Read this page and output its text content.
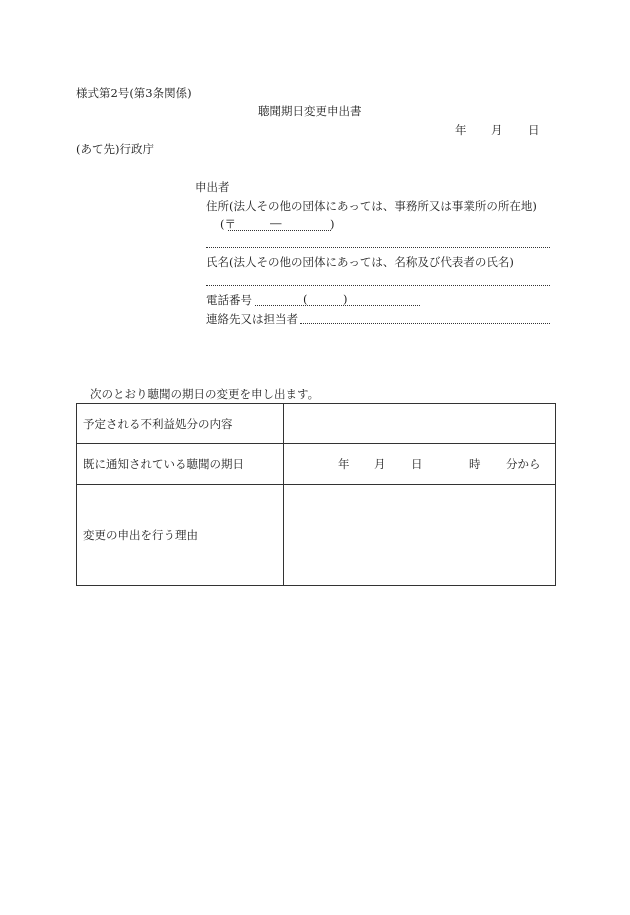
様式第2号(第3条関係)
聴聞期日変更申出書
年 月 日
(あて先)行政庁
申出者
住所(法人その他の団体にあっては、事務所又は事業所の所在地)
(〒	―	)
氏名(法人その他の団体にあっては、名称及び代表者の氏名)
電話番号	(	)
連絡先又は担当者
次のとおり聴聞の期日の変更を申し出ます。
予定される不利益処分の内容	
既に通知されている聴聞の期日	年 月 日 時 分から

変更の申出を行う理由	
